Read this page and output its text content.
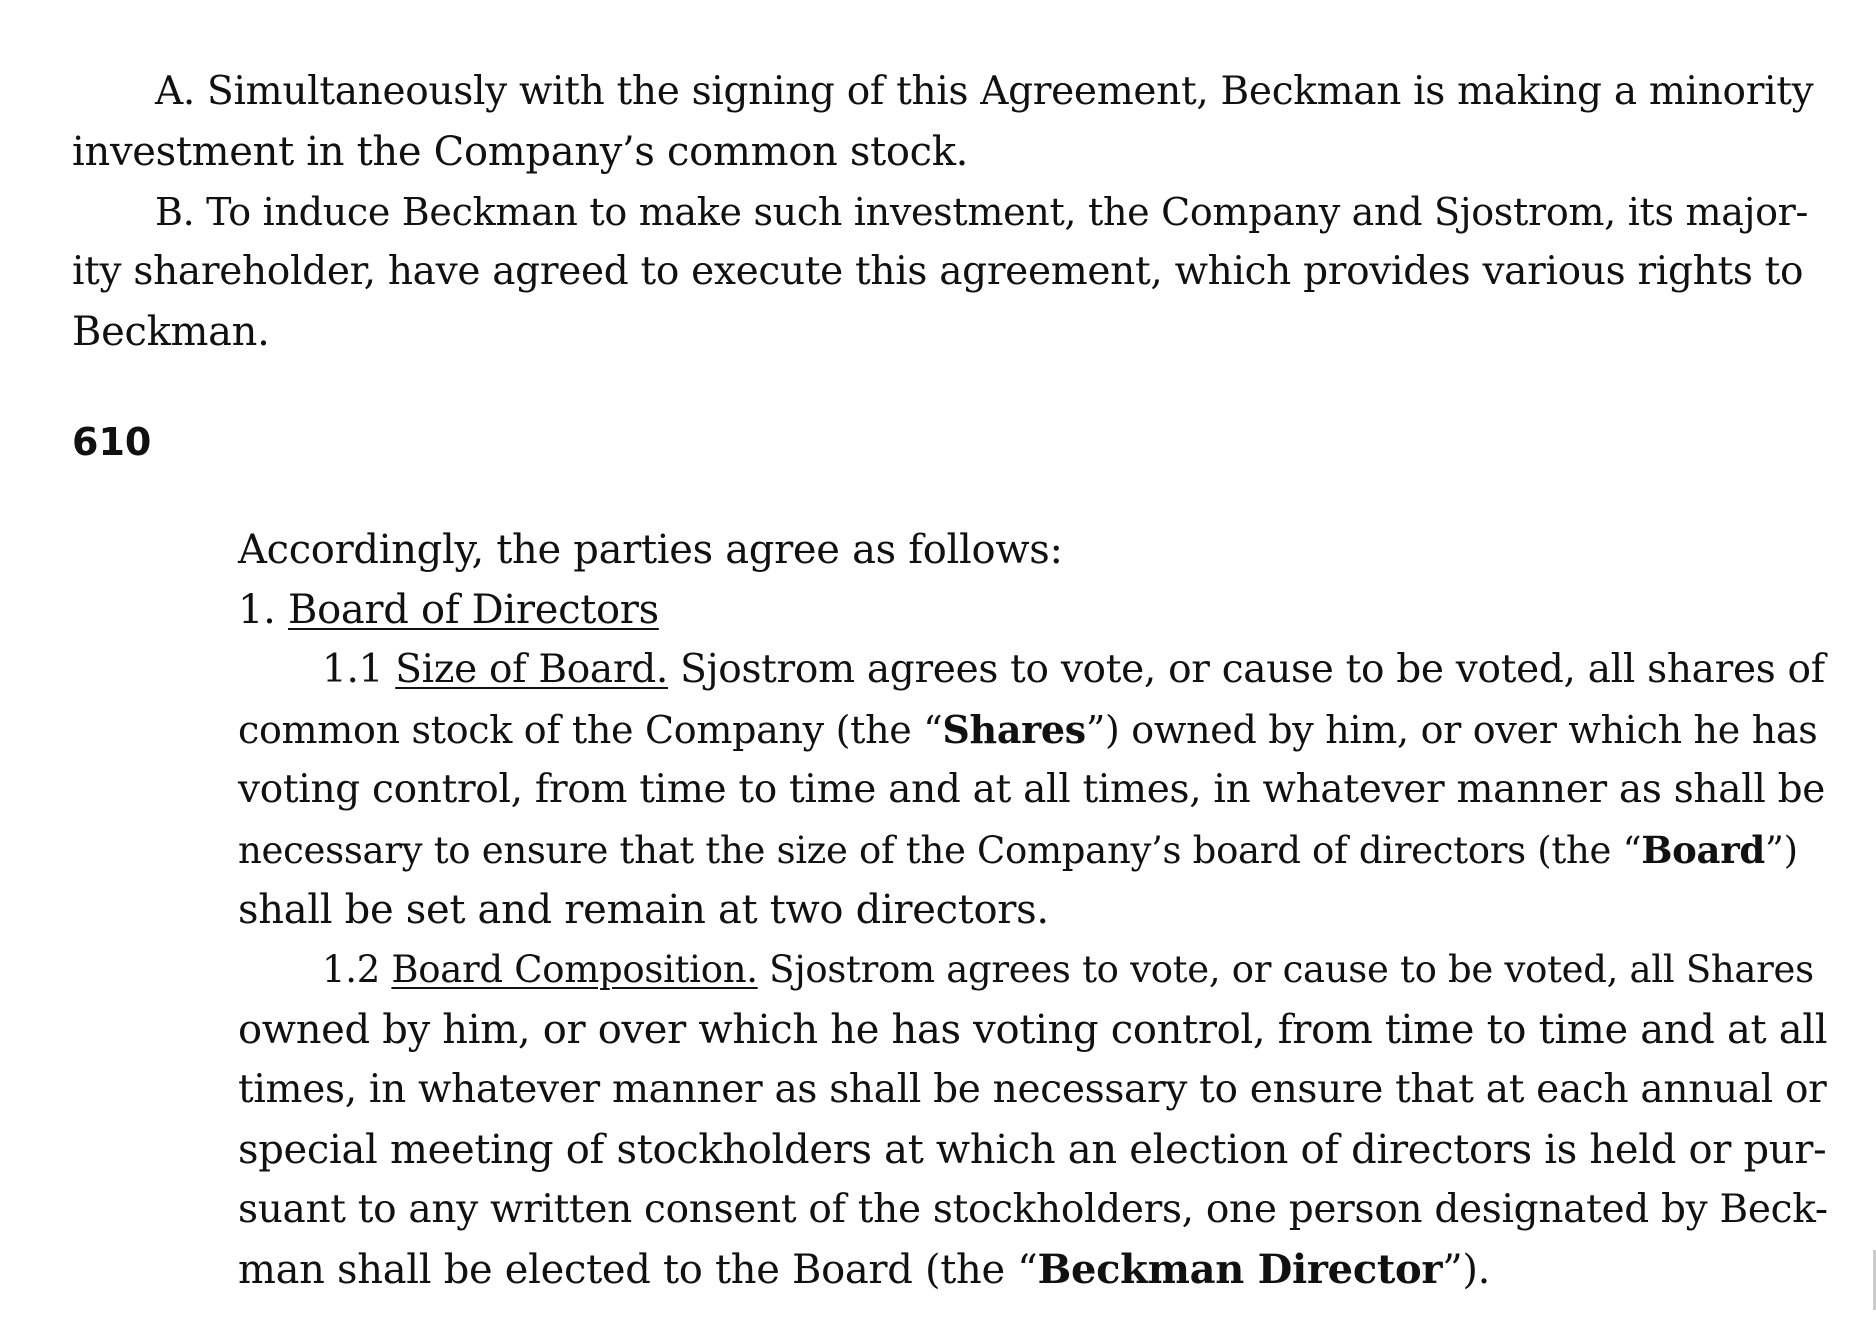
A. Simultaneously with the signing of this Agreement, Beckman is making a minority

investment in the Company’s common stock.

B. To induce Beckman to make such investment, the Company and Sjostrom, its major-

ity shareholder, have agreed to execute this agreement, which provides various rights to

Beckman.

610

Accordingly, the parties agree as follows:

1. Board of Directors

1.1 Size of Board. Sjostrom agrees to vote, or cause to be voted, all shares of

common stock of the Company (the “Shares”) owned by him, or over which he has

voting control, from time to time and at all times, in whatever manner as shall be

necessary to ensure that the size of the Company’s board of directors (the “Board”)

shall be set and remain at two directors.

1.2 Board Composition. Sjostrom agrees to vote, or cause to be voted, all Shares

owned by him, or over which he has voting control, from time to time and at all

times, in whatever manner as shall be necessary to ensure that at each annual or

special meeting of stockholders at which an election of directors is held or pur-

suant to any written consent of the stockholders, one person designated by Beck-

man shall be elected to the Board (the “Beckman Director”).
